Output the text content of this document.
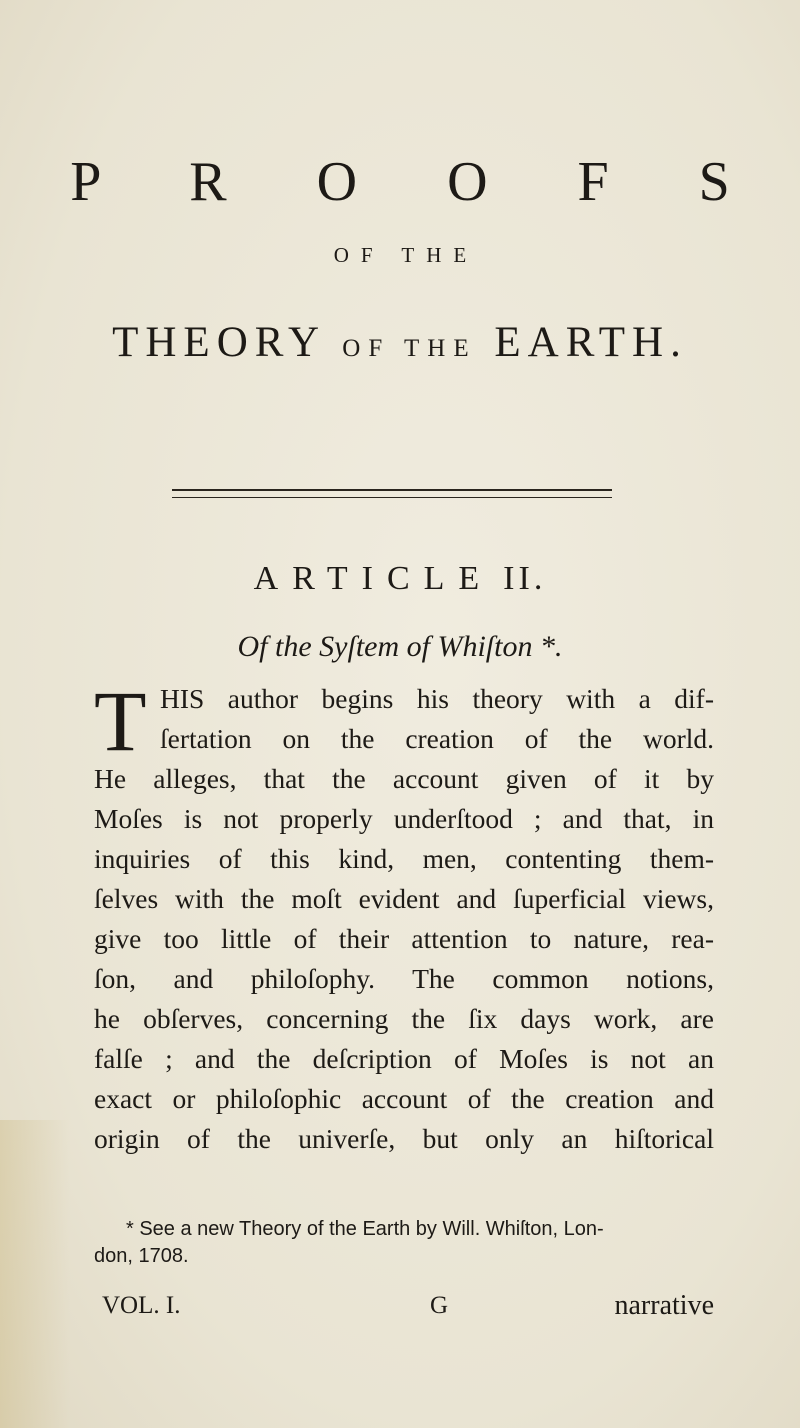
P R O O F S
OF THE
THEORY OF THE EARTH.
ARTICLE II.
Of the Syſtem of Whiſton *.
T HIS author begins his theory with a dif-
ſertation on the creation of the world.
He alleges, that the account given of it by
Moſes is not properly underſtood ; and that, in
inquiries of this kind, men, contenting them-
ſelves with the moſt evident and ſuperficial views,
give too little of their attention to nature, rea-
ſon, and philoſophy. The common notions,
he obſerves, concerning the ſix days work, are
falſe ; and the deſcription of Moſes is not an
exact or philoſophic account of the creation and
origin of the univerſe, but only an hiſtorical
* See a new Theory of the Earth by Will. Whiſton, Lon-
don, 1708.
VOL. I.	G	narrative
